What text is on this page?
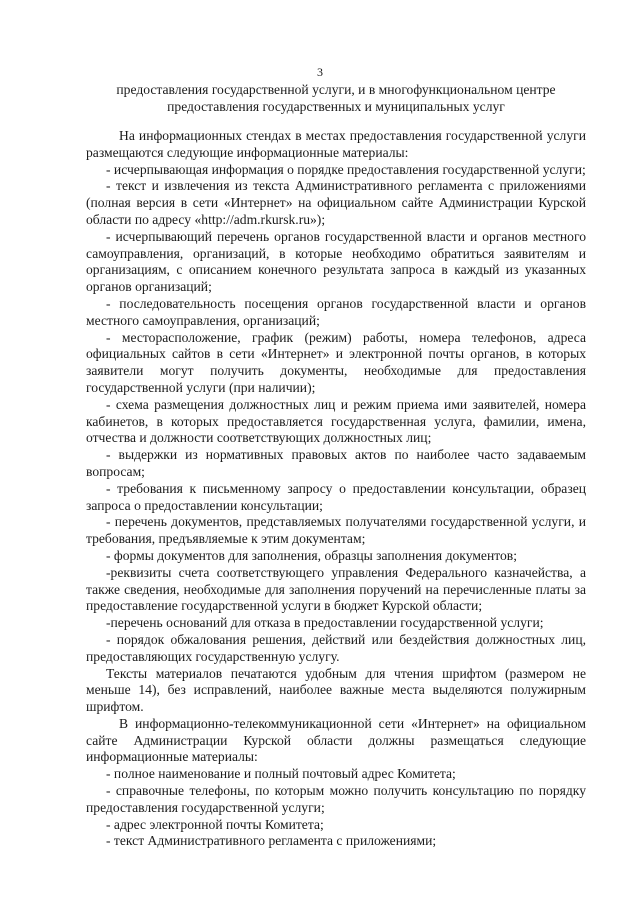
3
предоставления государственной услуги, и в многофункциональном центре
предоставления государственных и муниципальных услуг

На информационных стендах в местах предоставления государственной услуги размещаются следующие информационные материалы:

- исчерпывающая информация о порядке предоставления государственной услуги;

- текст и извлечения из текста Административного регламента с приложениями (полная версия в сети «Интернет» на официальном сайте Администрации Курской области по адресу «http://adm.rkursk.ru»);

- исчерпывающий перечень органов государственной власти и органов местного самоуправления, организаций, в которые необходимо обратиться заявителям и организациям, с описанием конечного результата запроса в каждый из указанных органов организаций;

- последовательность посещения органов государственной власти и органов местного самоуправления, организаций;

- месторасположение, график (режим) работы, номера телефонов, адреса официальных сайтов в сети «Интернет» и электронной почты органов, в которых заявители могут получить документы, необходимые для предоставления государственной услуги (при наличии);

- схема размещения должностных лиц и режим приема ими заявителей, номера кабинетов, в которых предоставляется государственная услуга, фамилии, имена, отчества и должности соответствующих должностных лиц;

- выдержки из нормативных правовых актов по наиболее часто задаваемым вопросам;

- требования к письменному запросу о предоставлении консультации, образец запроса о предоставлении консультации;

- перечень документов, представляемых получателями государственной услуги, и требования, предъявляемые к этим документам;

- формы документов для заполнения, образцы заполнения документов;

-реквизиты счета соответствующего управления Федерального казначейства, а также сведения, необходимые для заполнения поручений на перечисленные платы за предоставление государственной услуги в бюджет Курской области;

-перечень оснований для отказа в предоставлении государственной услуги;

- порядок обжалования решения, действий или бездействия должностных лиц, предоставляющих государственную услугу.

Тексты материалов печатаются удобным для чтения шрифтом (размером не меньше 14), без исправлений, наиболее важные места выделяются полужирным шрифтом.

В информационно-телекоммуникационной сети «Интернет» на официальном сайте Администрации Курской области должны размещаться следующие информационные материалы:

- полное наименование и полный почтовый адрес Комитета;

- справочные телефоны, по которым можно получить консультацию по порядку предоставления государственной услуги;

- адрес электронной почты Комитета;

- текст Административного регламента с приложениями;
